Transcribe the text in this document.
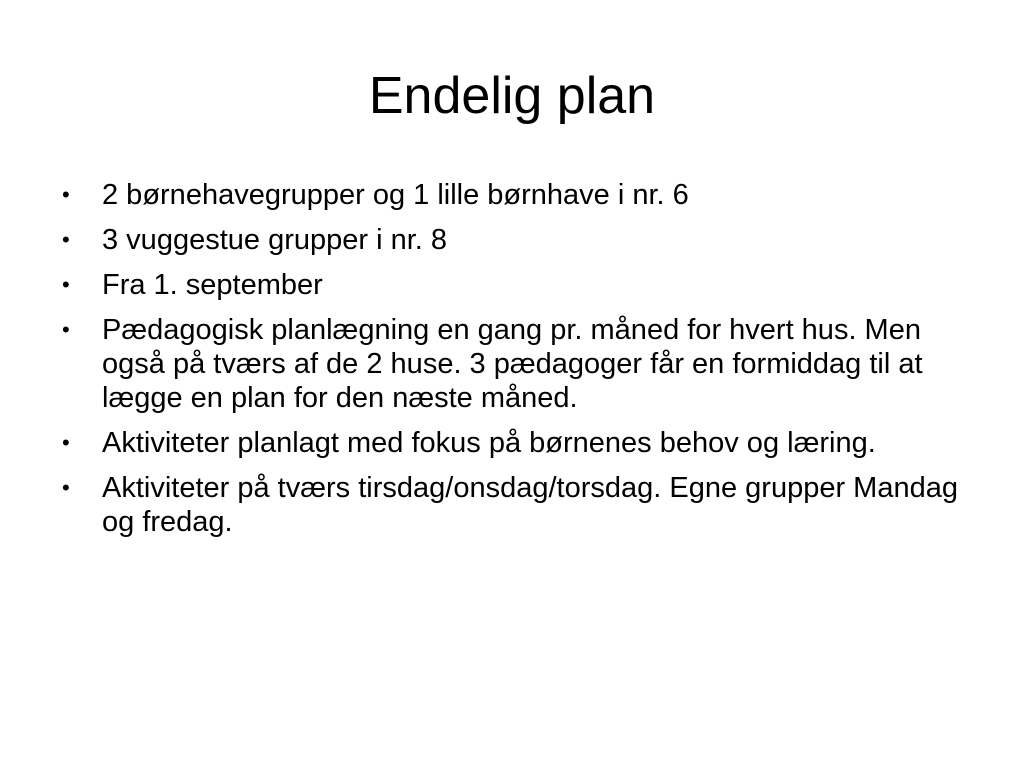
Endelig plan
•	2 børnehavegrupper og 1 lille børnhave i nr. 6
•	3 vuggestue grupper i nr. 8
•	Fra 1. september
•	Pædagogisk planlægning en gang pr. måned for hvert hus. Men også på tværs af de 2 huse. 3 pædagoger får en formiddag til at lægge en plan for den næste måned.
•	Aktiviteter planlagt med fokus på børnenes behov og læring.
•	Aktiviteter på tværs tirsdag/onsdag/torsdag. Egne grupper Mandag og fredag.
